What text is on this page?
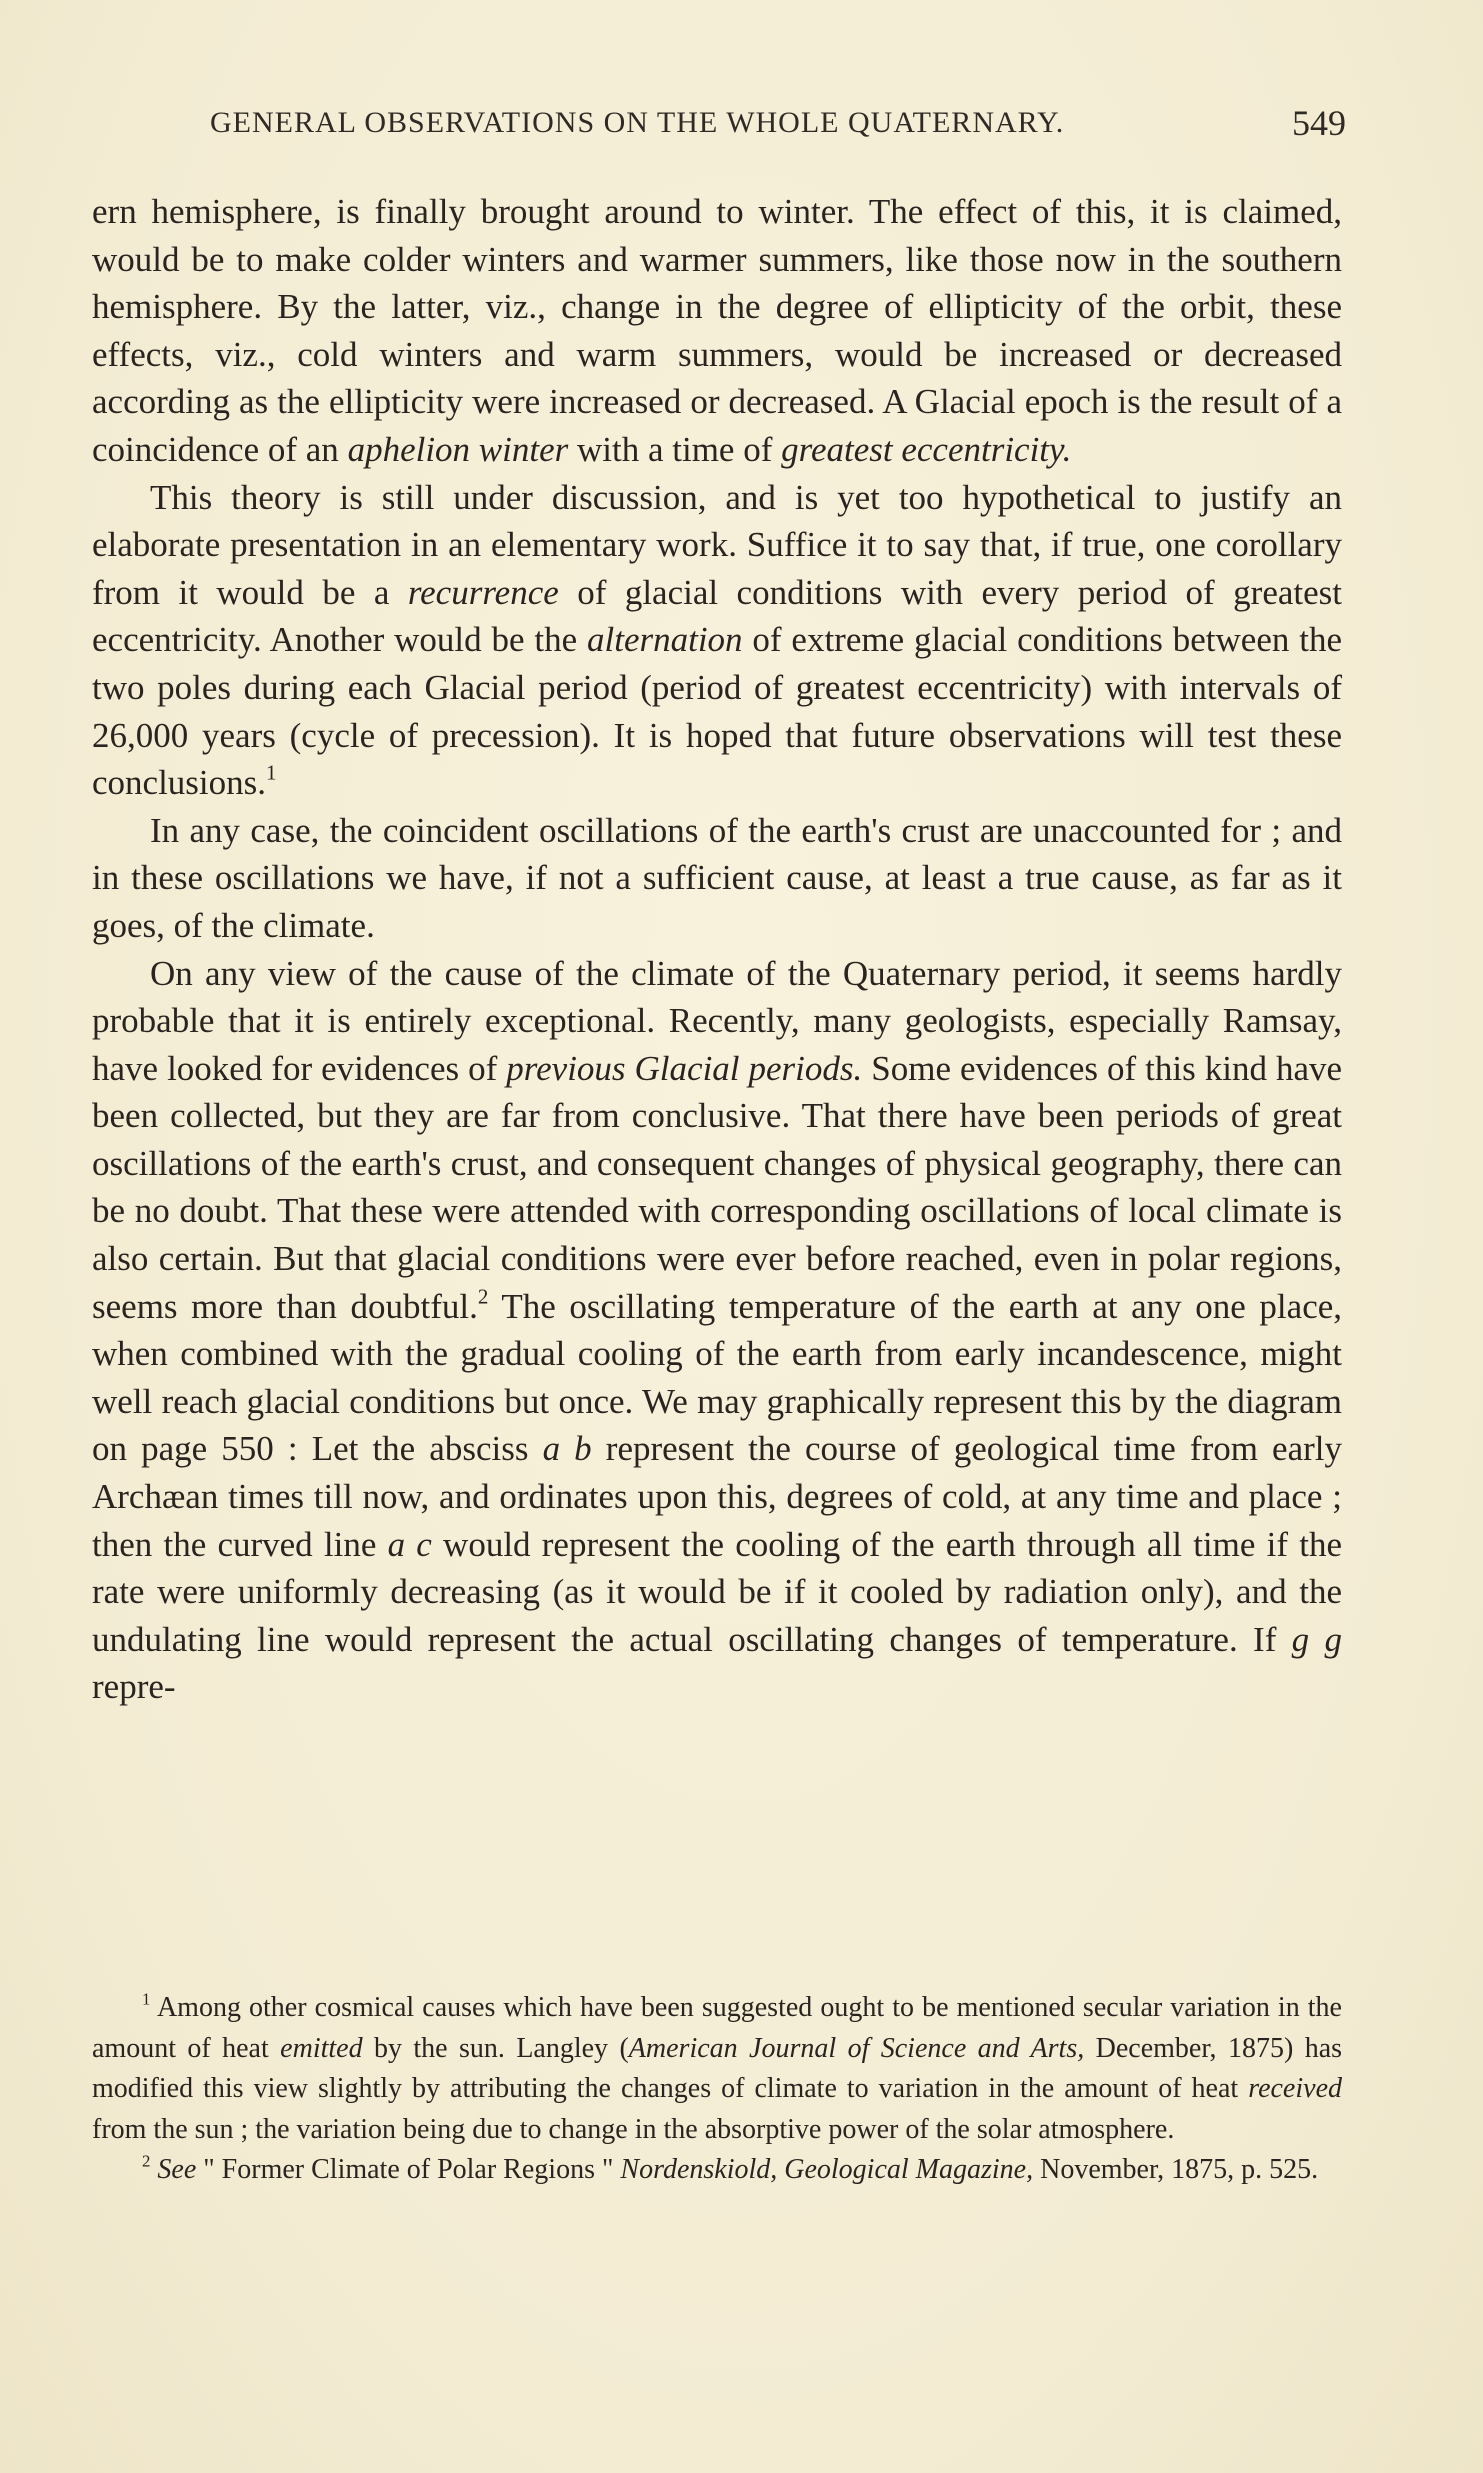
GENERAL OBSERVATIONS ON THE WHOLE QUATERNARY.	549

ern hemisphere, is finally brought around to winter. The effect of this, it is claimed, would be to make colder winters and warmer summers, like those now in the southern hemisphere. By the latter, viz., change in the degree of ellipticity of the orbit, these effects, viz., cold winters and warm summers, would be increased or decreased according as the ellipticity were increased or decreased. A Glacial epoch is the result of a coincidence of an aphelion winter with a time of greatest eccentricity.

This theory is still under discussion, and is yet too hypothetical to justify an elaborate presentation in an elementary work. Suffice it to say that, if true, one corollary from it would be a recurrence of glacial conditions with every period of greatest eccentricity. Another would be the alternation of extreme glacial conditions between the two poles during each Glacial period (period of greatest eccentricity) with intervals of 26,000 years (cycle of precession). It is hoped that future observations will test these conclusions.$^1$

In any case, the coincident oscillations of the earth's crust are unaccounted for ; and in these oscillations we have, if not a sufficient cause, at least a true cause, as far as it goes, of the climate.

On any view of the cause of the climate of the Quaternary period, it seems hardly probable that it is entirely exceptional. Recently, many geologists, especially Ramsay, have looked for evidences of previous Glacial periods. Some evidences of this kind have been collected, but they are far from conclusive. That there have been periods of great oscillations of the earth's crust, and consequent changes of physical geography, there can be no doubt. That these were attended with corresponding oscillations of local climate is also certain. But that glacial conditions were ever before reached, even in polar regions, seems more than doubtful.$^2$ The oscillating temperature of the earth at any one place, when combined with the gradual cooling of the earth from early incandescence, might well reach glacial conditions but once. We may graphically represent this by the diagram on page 550 : Let the absciss a b represent the course of geological time from early Archæan times till now, and ordinates upon this, degrees of cold, at any time and place ; then the curved line a c would represent the cooling of the earth through all time if the rate were uniformly decreasing (as it would be if it cooled by radiation only), and the undulating line would represent the actual oscillating changes of temperature. If g g repre-

$^1$ Among other cosmical causes which have been suggested ought to be mentioned secular variation in the amount of heat emitted by the sun. Langley (American Journal of Science and Arts, December, 1875) has modified this view slightly by attributing the changes of climate to variation in the amount of heat received from the sun ; the variation being due to change in the absorptive power of the solar atmosphere.

$^2$ See " Former Climate of Polar Regions " Nordenskiold, Geological Magazine, November, 1875, p. 525.
